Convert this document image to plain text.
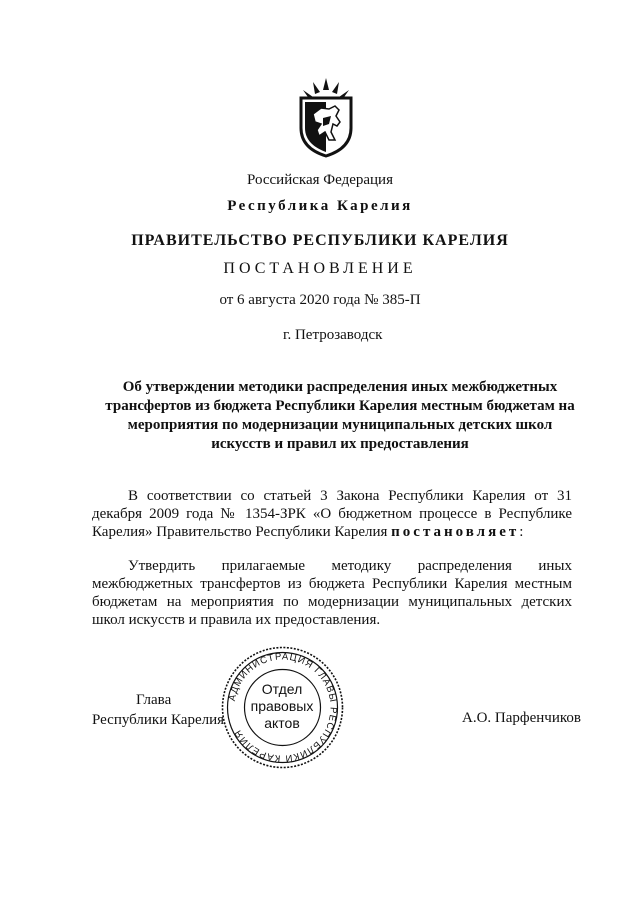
Российская Федерация
Республика Карелия
ПРАВИТЕЛЬСТВО РЕСПУБЛИКИ КАРЕЛИЯ
ПОСТАНОВЛЕНИЕ
от 6 августа 2020 года № 385-П
г. Петрозаводск
Об утверждении методики распределения иных межбюджетных трансфертов из бюджета Республики Карелия местным бюджетам на мероприятия по модернизации муниципальных детских школ искусств и правил их предоставления
В соответствии со статьей 3 Закона Республики Карелия от 31 декабря 2009 года № 1354-ЗРК «О бюджетном процессе в Республике Карелия» Правительство Республики Карелия постановляет:
Утвердить прилагаемые методику распределения иных межбюджетных трансфертов из бюджета Республики Карелия местным бюджетам на мероприятия по модернизации муниципальных детских школ искусств и правила их предоставления.
Глава
Республики Карелия	А.О. Парфенчиков
АДМИНИСТРАЦИЯ ГЛАВЫ РЕСПУБЛИКИ КАРЕЛИЯ
Отдел
правовых
актов
